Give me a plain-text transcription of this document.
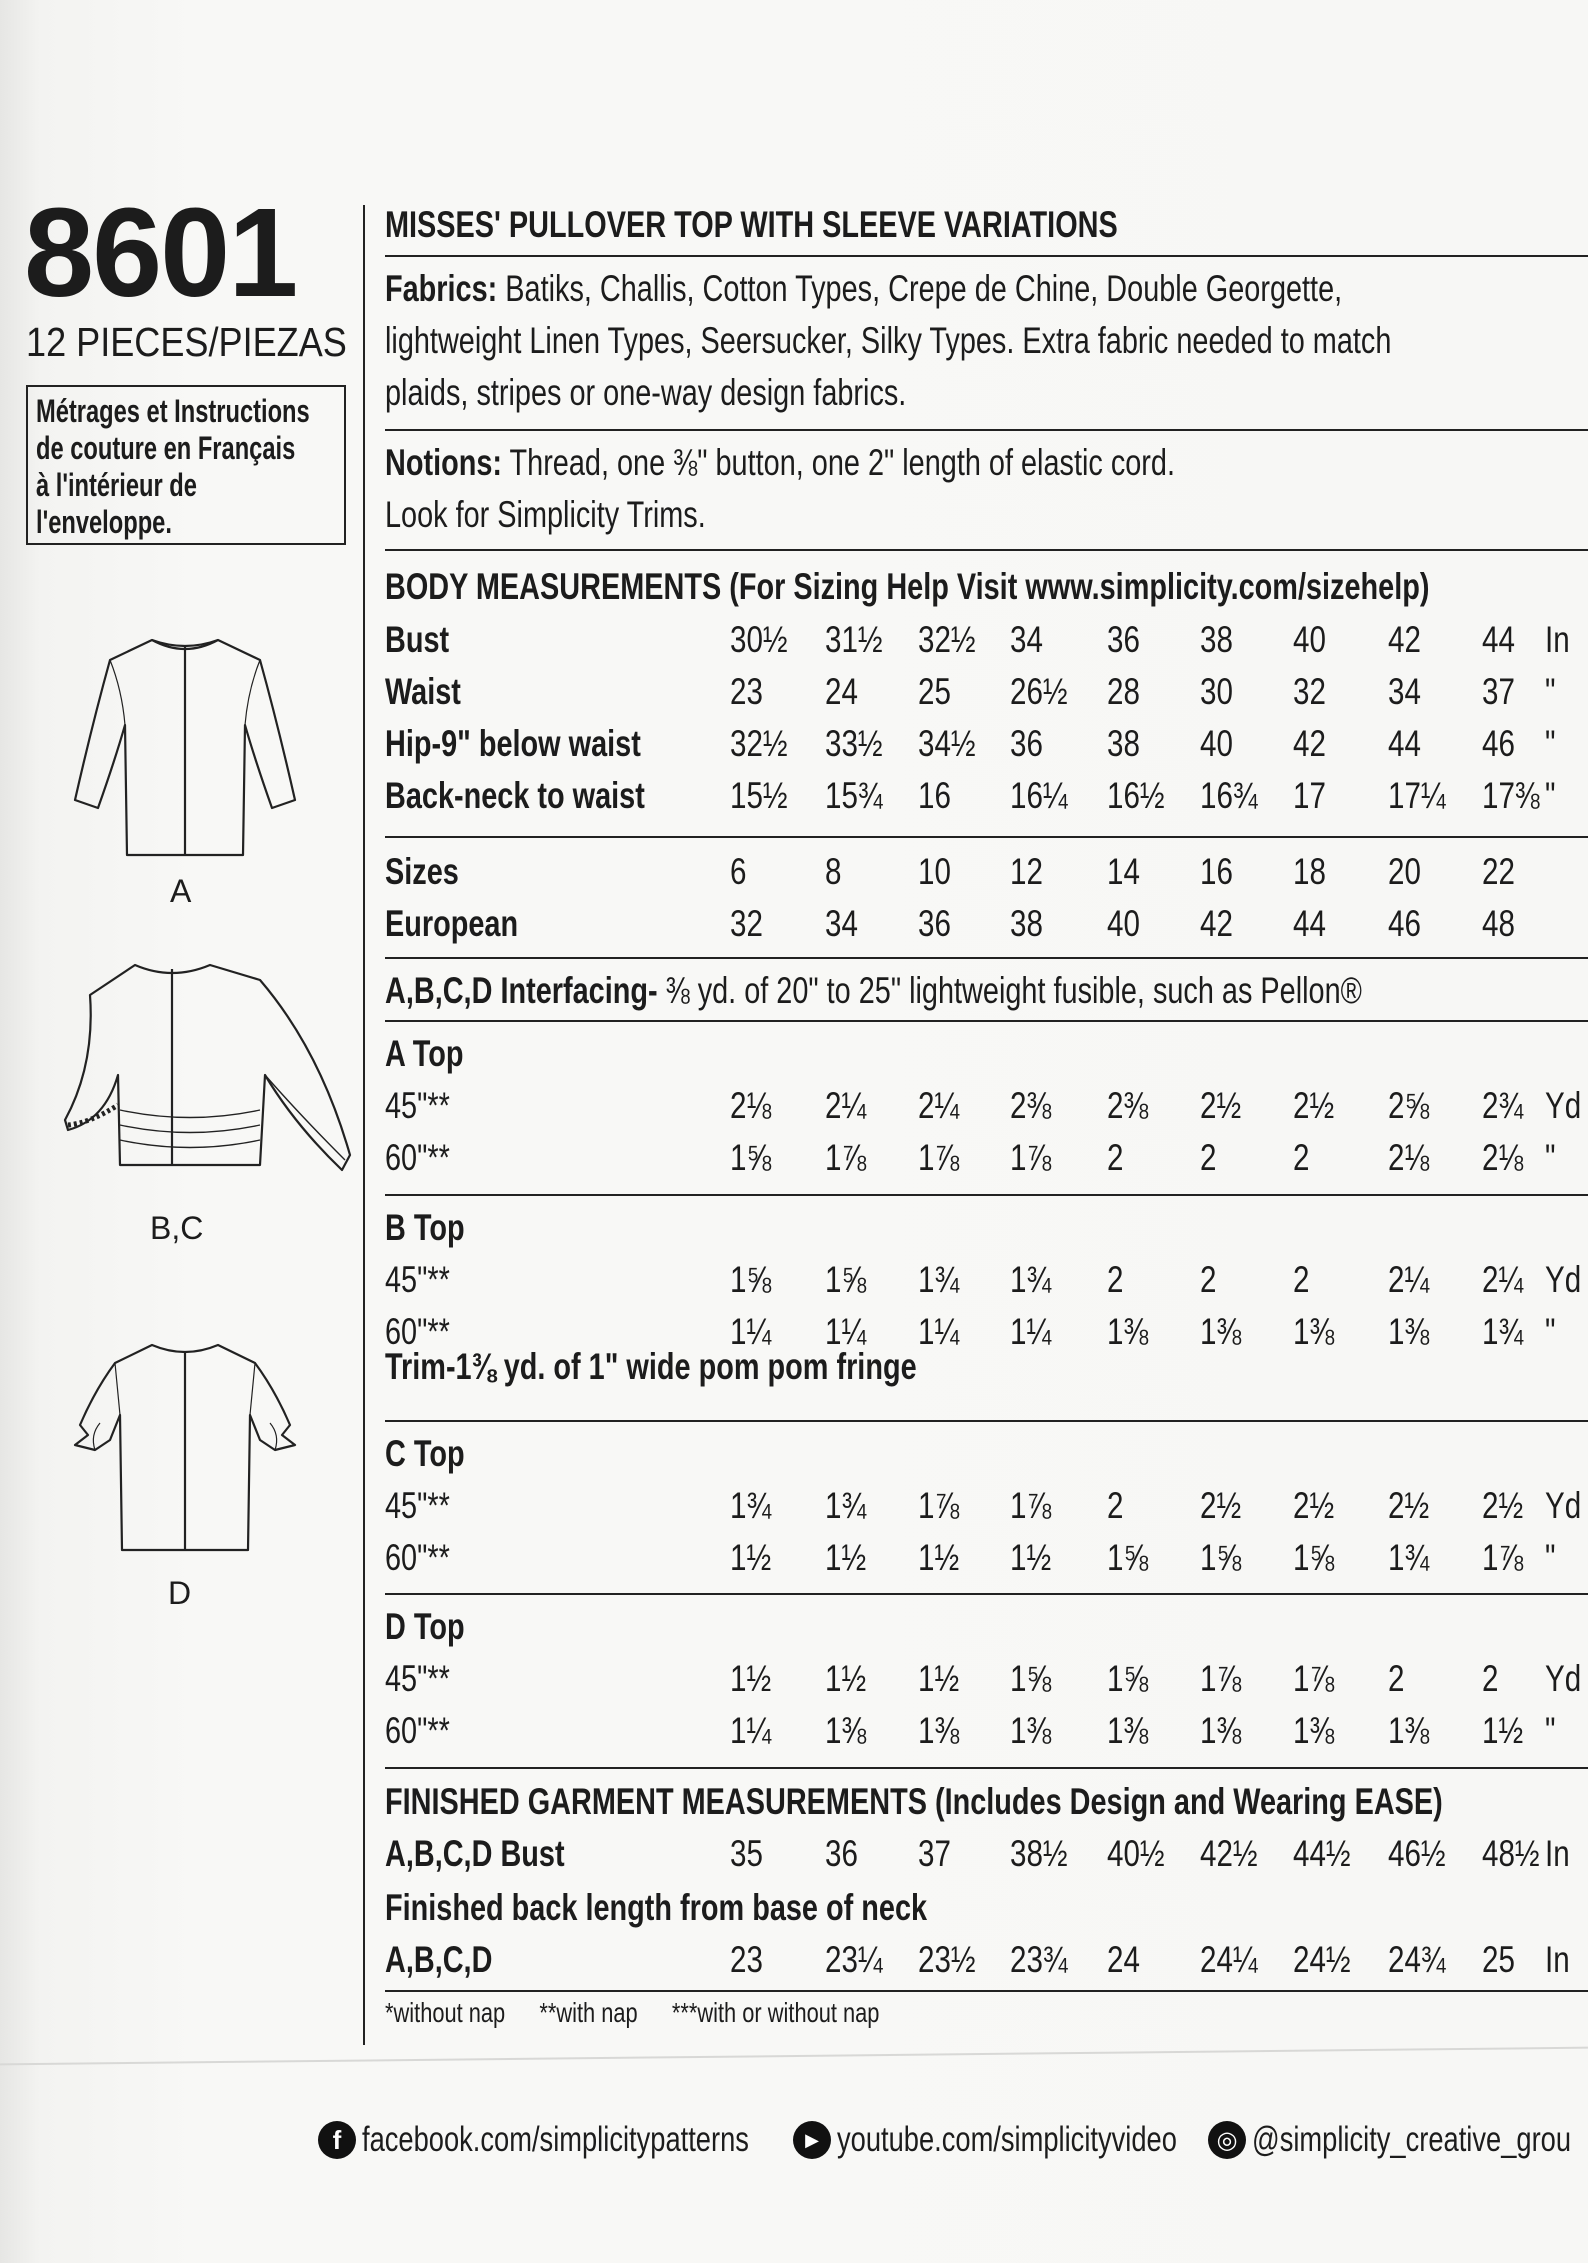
8601
12 PIECES/PIEZAS
Métrages et Instructions
de couture en Français
à l'intérieur de
l'enveloppe.
A
B,C
D
MISSES' PULLOVER TOP WITH SLEEVE VARIATIONS
Fabrics: Batiks, Challis, Cotton Types, Crepe de Chine, Double Georgette,
lightweight Linen Types, Seersucker, Silky Types. Extra fabric needed to match
plaids, stripes or one-way design fabrics.
Notions: Thread, one ⅜" button, one 2" length of elastic cord.
Look for Simplicity Trims.
BODY MEASUREMENTS (For Sizing Help Visit www.simplicity.com/sizehelp)
Trim-1⅜ yd. of 1" wide pom pom fringe
FINISHED GARMENT MEASUREMENTS (Includes Design and Wearing EASE)
Finished back length from base of neck
*without nap **with nap ***with or without nap
Bust	30½	31½ 32½ 34 36 38 40 42 44 In
Waist	23 24 25 26½	28 30 32 34 37 "
Hip-9" below waist	32½	33½ 34½ 36 38 40 42 44 46 "
Back-neck to waist	15½	15¾ 16 16¼	16½ 16¾ 17 17¼ 17⅜ "
Sizes	6 8 10 12 14 16 18 20 22
European	32 34 36 38 40 42 44 46 48
A,B,C,D Interfacing- ⅜ yd. of 20" to 25" lightweight fusible, such as Pellon®
A Top
45"**	2⅛ 2¼ 2¼ 2⅜ 2⅜ 2½ 2½ 2⅝ 2¾ Yd
60"**	1⅝ 1⅞ 1⅞ 1⅞ 2 2 2 2⅛ 2⅛ "
B Top
45"**	1⅝ 1⅝ 1¾ 1¾ 2 2 2 2¼ 2¼ Yd
60"**	1¼ 1¼ 1¼ 1¼ 1⅜ 1⅜ 1⅜ 1⅜ 1¾ "
C Top
45"**	1¾ 1¾ 1⅞ 1⅞ 2 2½ 2½ 2½ 2½ Yd
60"**	1½ 1½ 1½ 1½ 1⅝ 1⅝ 1⅝ 1¾ 1⅞ "
D Top
45"**	1½ 1½ 1½ 1⅝ 1⅝ 1⅞ 1⅞ 2 2 Yd
60"**	1¼ 1⅜ 1⅜ 1⅜ 1⅜ 1⅜ 1⅜ 1⅜ 1½ "
A,B,C,D Bust	35 36 37 38½	40½ 42½ 44½	46½ 48½ In
A,B,C,D	23 23¼ 23½ 23¾	24 24¼ 24½	24¾ 25 In
f facebook.com/simplicitypatterns	▶ youtube.com/simplicityvideo	◎ @simplicity_creative_grou
